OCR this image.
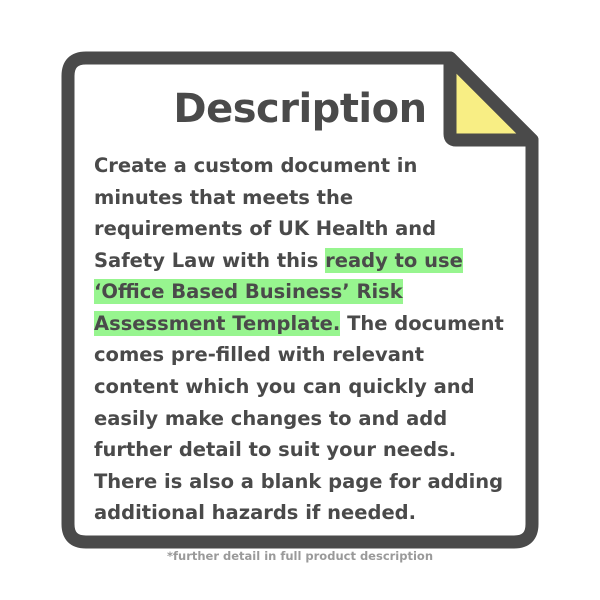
Description
Create a custom document in minutes that meets the requirements of UK Health and Safety Law with this ready to use ‘Office Based Business’ Risk Assessment Template. The document comes pre-filled with relevant content which you can quickly and easily make changes to and add further detail to suit your needs. There is also a blank page for adding additional hazards if needed.
*further detail in full product description
